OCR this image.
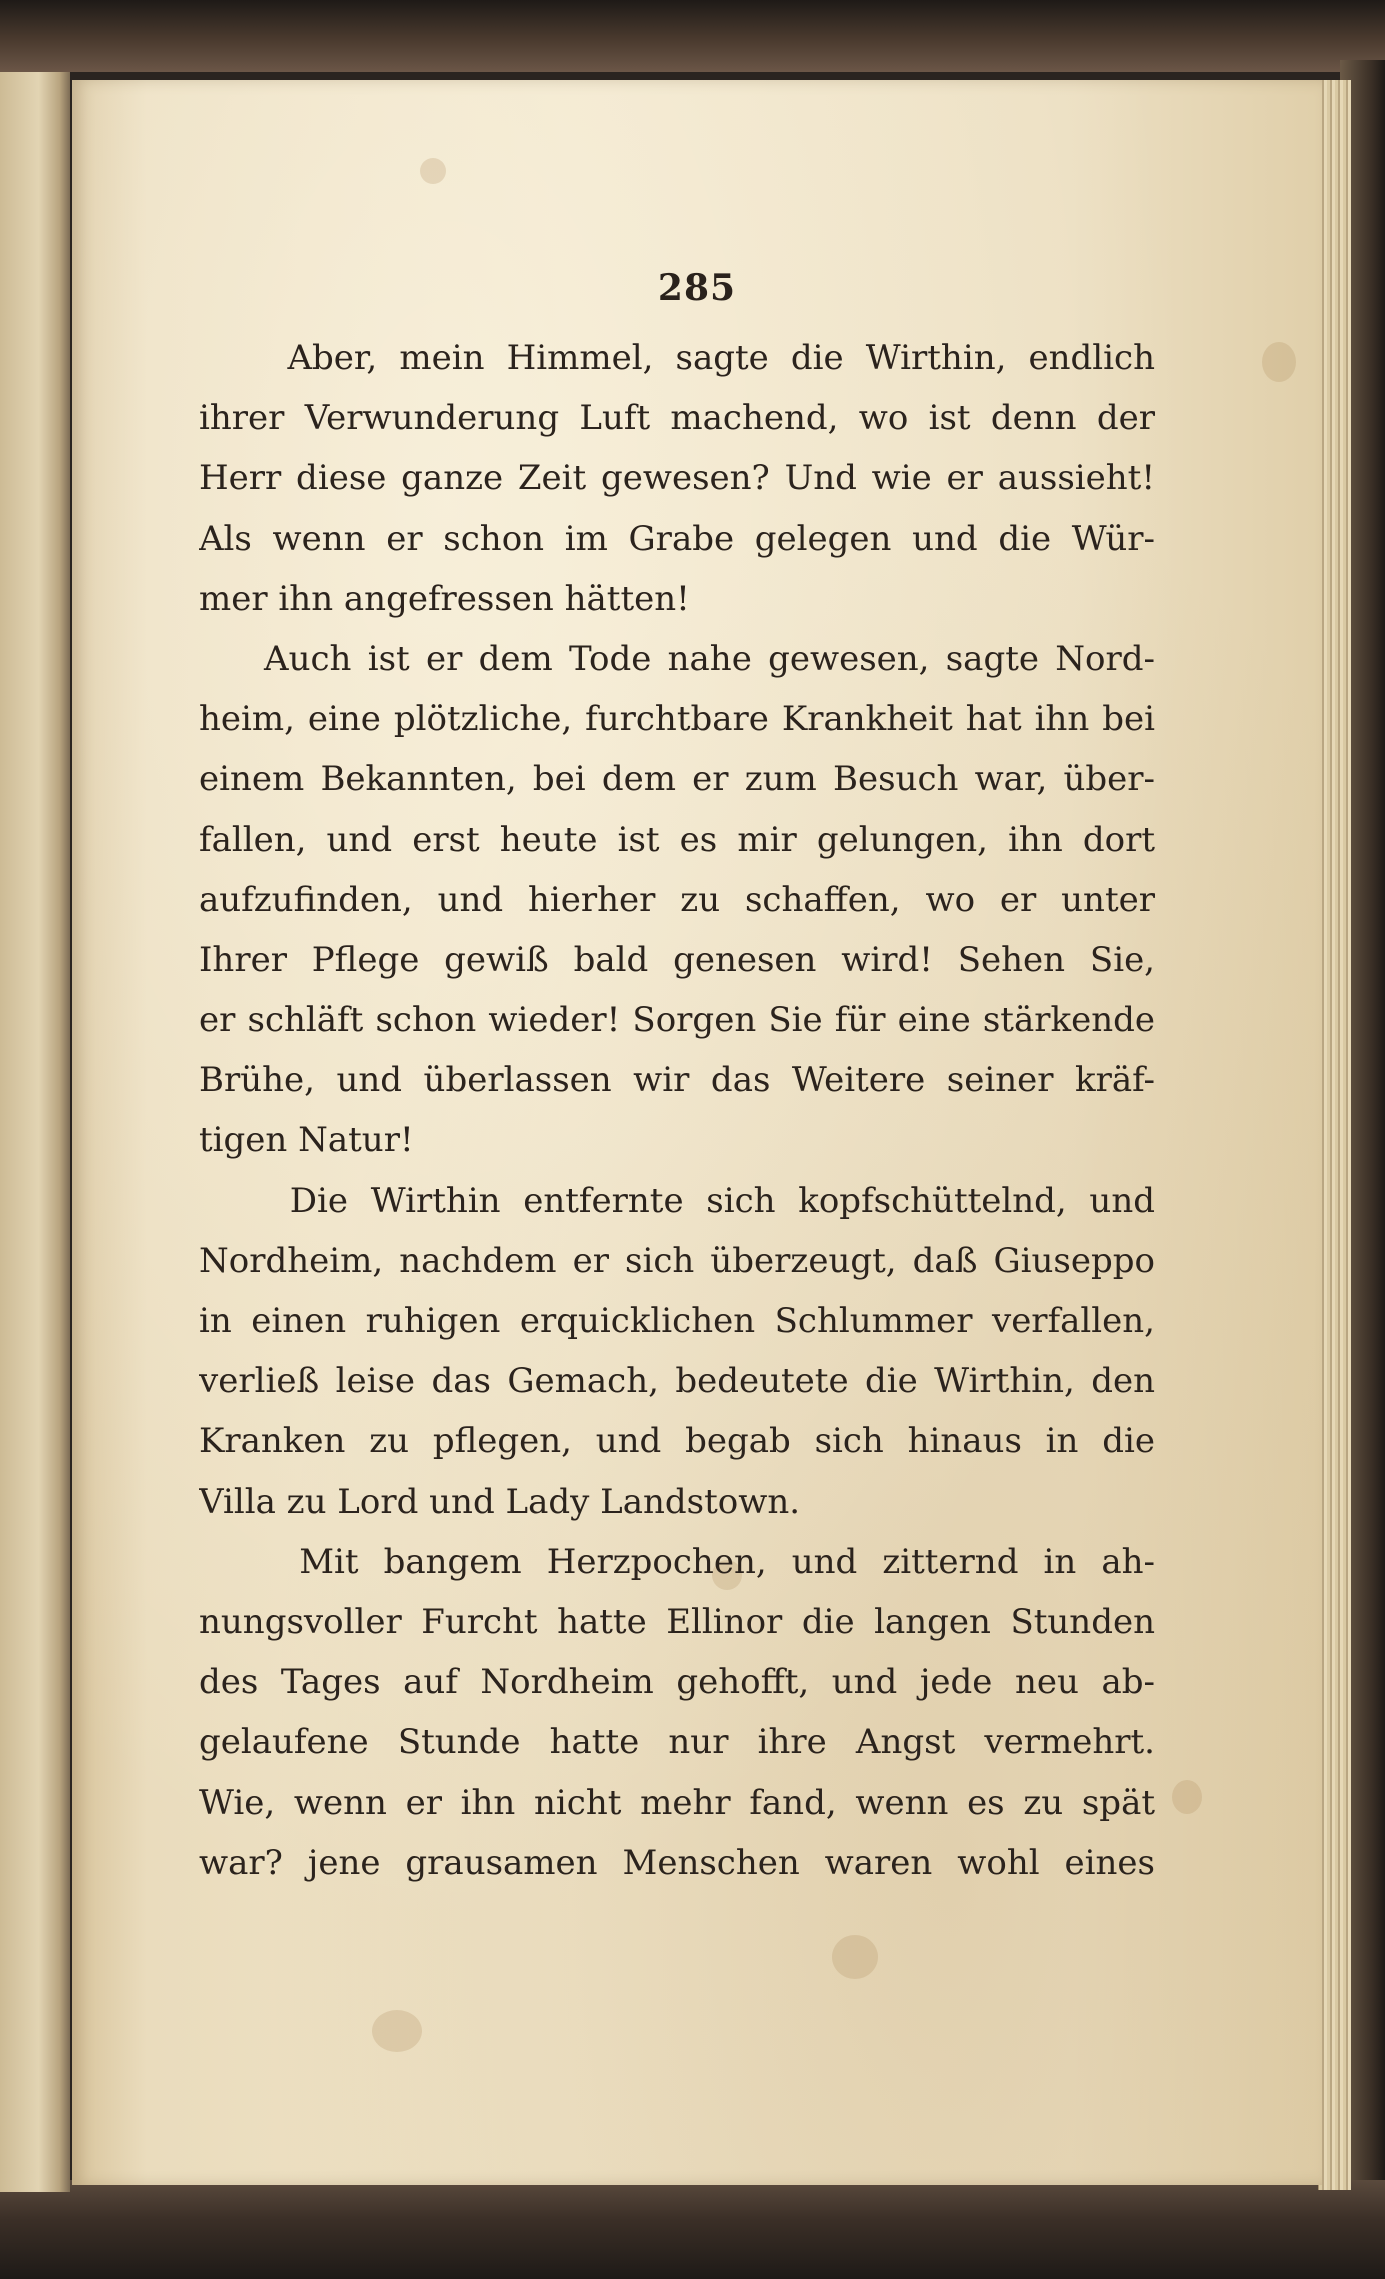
285
Aber, mein Himmel, sagte die Wirthin, endlich
ihrer Verwunderung Luft machend, wo ist denn der
Herr diese ganze Zeit gewesen? Und wie er aussieht!
Als wenn er schon im Grabe gelegen und die Wür-
mer ihn angefressen hätten!
Auch ist er dem Tode nahe gewesen, sagte Nord-
heim, eine plötzliche, furchtbare Krankheit hat ihn bei
einem Bekannten, bei dem er zum Besuch war, über-
fallen, und erst heute ist es mir gelungen, ihn dort
aufzufinden, und hierher zu schaffen, wo er unter
Ihrer Pflege gewiß bald genesen wird! Sehen Sie,
er schläft schon wieder! Sorgen Sie für eine stärkende
Brühe, und überlassen wir das Weitere seiner kräf-
tigen Natur!
Die Wirthin entfernte sich kopfschüttelnd, und
Nordheim, nachdem er sich überzeugt, daß Giuseppo
in einen ruhigen erquicklichen Schlummer verfallen,
verließ leise das Gemach, bedeutete die Wirthin, den
Kranken zu pflegen, und begab sich hinaus in die
Villa zu Lord und Lady Landstown.
Mit bangem Herzpochen, und zitternd in ah-
nungsvoller Furcht hatte Ellinor die langen Stunden
des Tages auf Nordheim gehofft, und jede neu ab-
gelaufene Stunde hatte nur ihre Angst vermehrt.
Wie, wenn er ihn nicht mehr fand, wenn es zu spät
war? jene grausamen Menschen waren wohl eines
